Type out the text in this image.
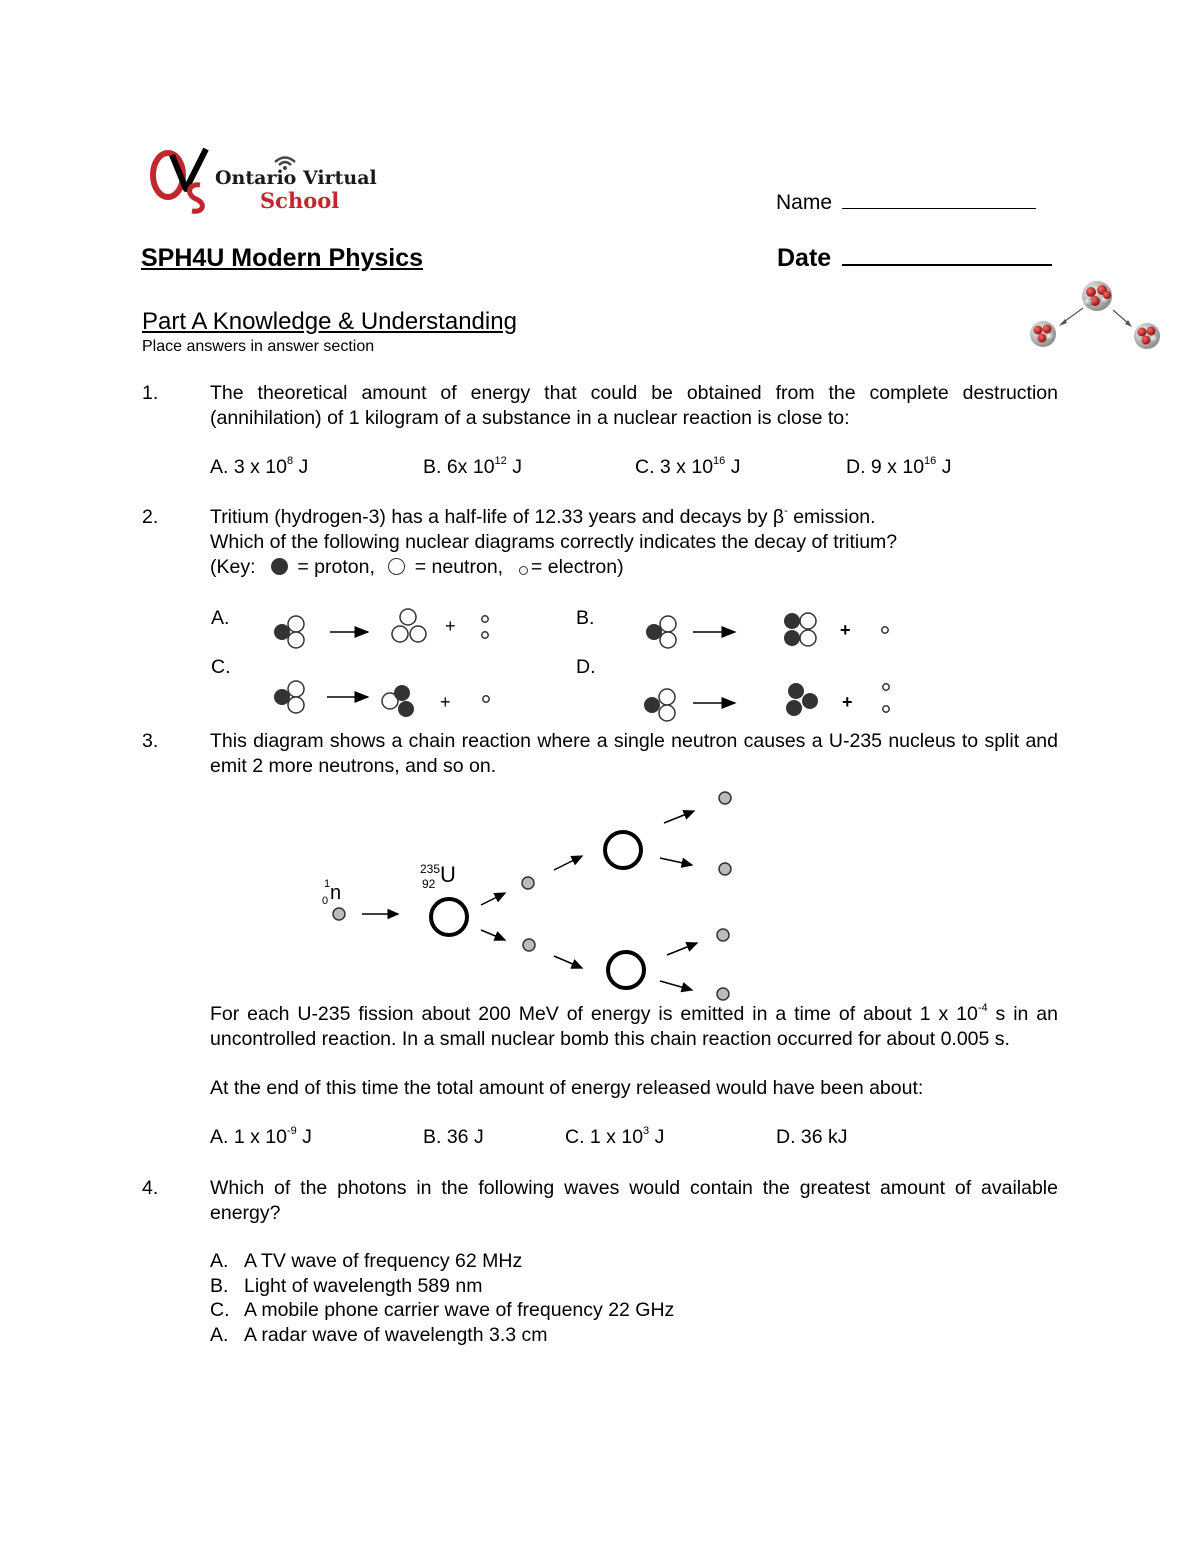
Ontario Virtual
School	Name
SPH4U Modern Physics	Date
Part A Knowledge & Understanding
Place answers in answer section
1.	The theoretical amount of energy that could be obtained from the complete destruction (annihilation) of 1 kilogram of a substance in a nuclear reaction is close to:
A. 3 x $10^8$ J	B. 6x $10^{12}$ J	C. 3 x $10^{16}$ J	D. 9 x $10^{16}$ J
2.	Tritium (hydrogen-3) has a half-life of 12.33 years and decays by β- emission.
Which of the following nuclear diagrams correctly indicates the decay of tritium?
(Key: = proton, = neutron, = electron)
A.	B.
C.	D.
+	+
+	+
3.	This diagram shows a chain reaction where a single neutron causes a U-235 nucleus to split and emit 2 more neutrons, and so on.
1
0 n
235
92 U
For each U-235 fission about 200 MeV of energy is emitted in a time of about 1 x $10^{-4}$ s in an uncontrolled reaction. In a small nuclear bomb this chain reaction occurred for about 0.005 s.
At the end of this time the total amount of energy released would have been about:
A. 1 x $10^{-9}$ J	B. 36 J	C. 1 x $10^3$ J	D. 36 kJ
4.	Which of the photons in the following waves would contain the greatest amount of available energy?
A. A TV wave of frequency 62 MHz
B. Light of wavelength 589 nm
C. A mobile phone carrier wave of frequency 22 GHz
A. A radar wave of wavelength 3.3 cm
